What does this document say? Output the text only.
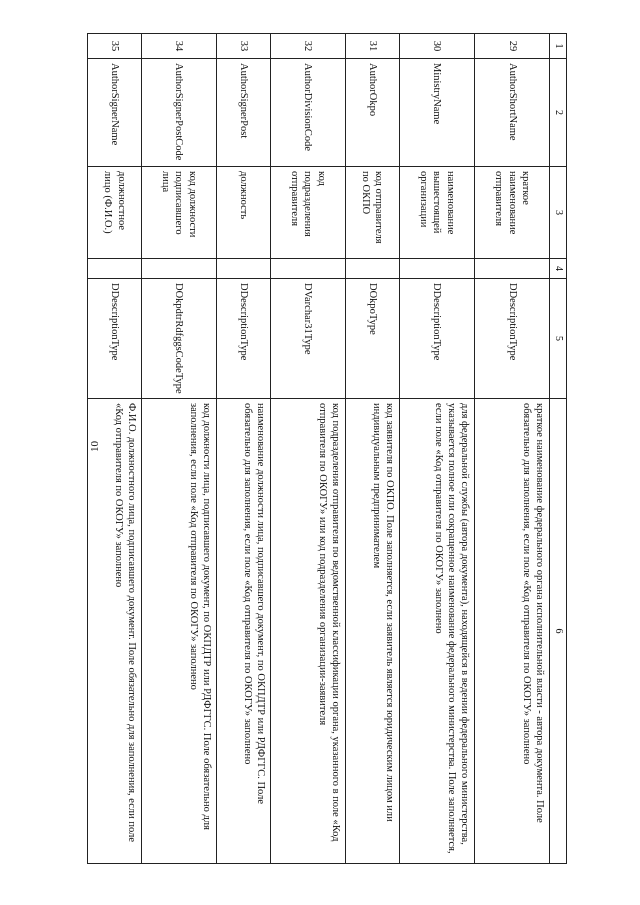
10
1	2	3	4	5	6
29	AuthorShortName	краткое наименование отправителя		DDescriptionType	краткое наименование федерального органа исполнительной власти - автора документа. Поле обязательно для заполнения, если поле «Код отправителя по ОКОГУ» заполнено
30	MinistryName	наименование вышестоящей организации		DDescriptionType	для федеральной службы (автора документа), находящейся в ведении федерального министерства, указывается полное или сокращенное наименование федерального министерства. Поле заполняется, если поле «Код отправителя по ОКОГУ» заполнено
31	AuthorOkpo	код отправителя по ОКПО		DOkpoType	код заявителя по ОКПО. Поле заполняется, если заявитель является юридическим лицом или индивидуальным предпринимателем
32	AuthorDivisionCode	код подразделения отправителя		DVarchar31Type	код подразделения отправителя по ведомственной классификации органа, указанного в поле «Код отправителя по ОКОГУ» или код подразделения организации-заявителя
33	AuthorSignerPost	должность		DDescriptionType	наименование должности лица, подписавшего документ, по ОКПДТР или РДФГГС. Поле обязательно для заполнения, если поле «Код отправителя по ОКОГУ» заполнено
34	AuthorSignerPostCode	код должности подписавшего лица		DOkpdtrRdfggsCodeType	код должности лица, подписавшего документ, по ОКПДТР или РДФГГС. Поле обязательно для заполнения, если поле «Код отправителя по ОКОГУ» заполнено
35	AuthorSignerName	должностное лицо (Ф.И.О.)		DDescriptionType	Ф.И.О. должностного лица, подписавшего документ. Поле обязательно для заполнения, если поле «Код отправителя по ОКОГУ» заполнено
